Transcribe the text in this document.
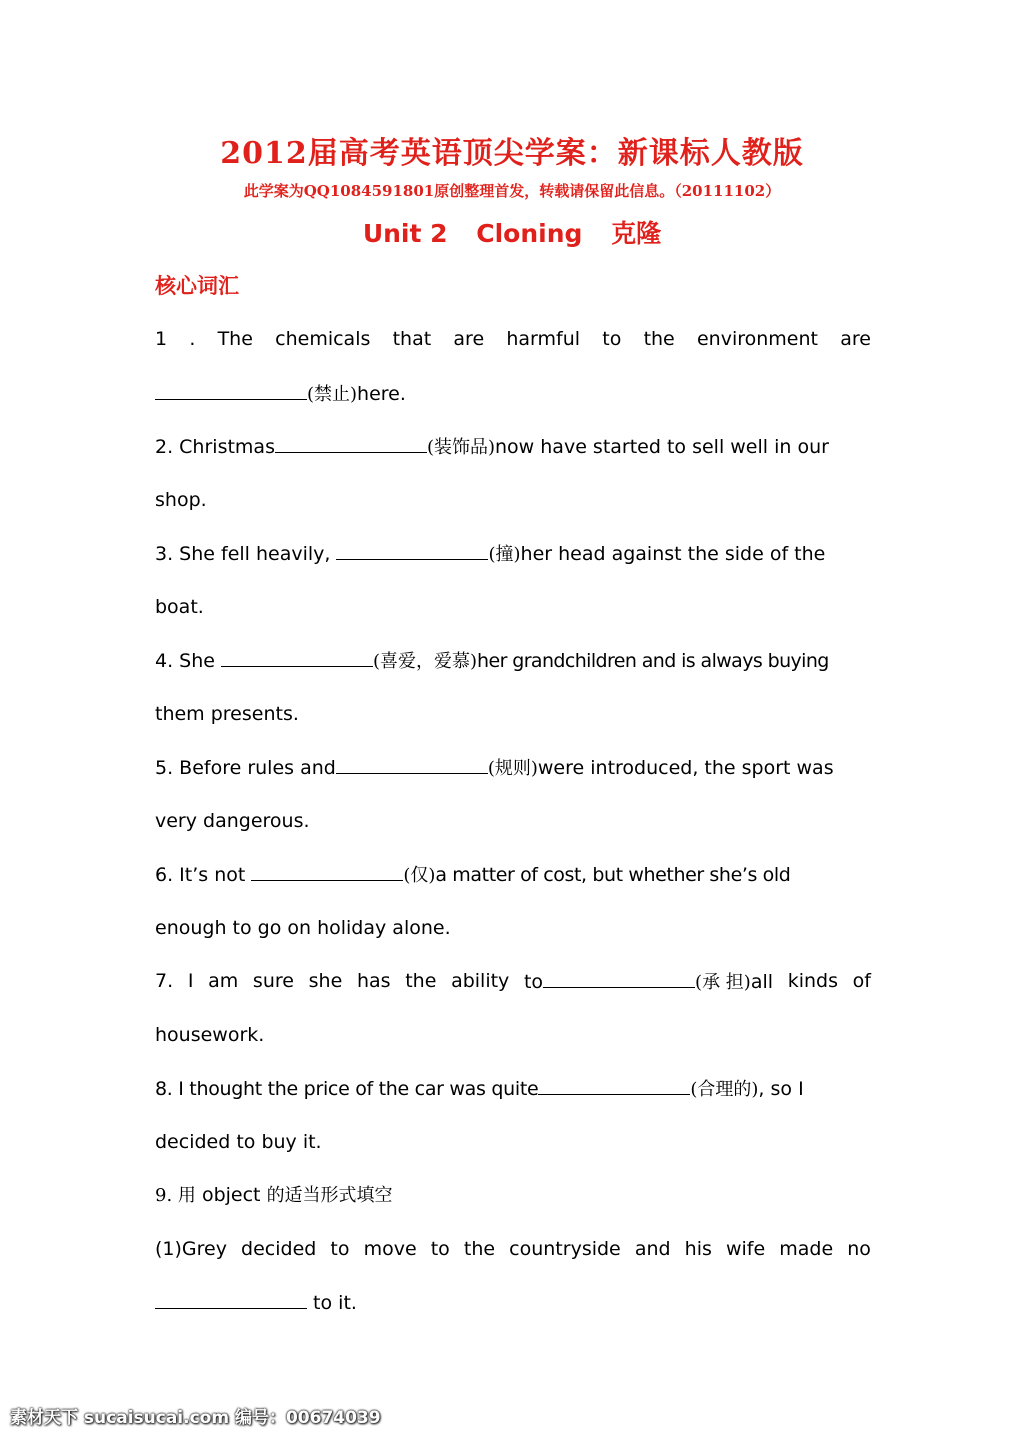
2012届高考英语顶尖学案：新课标人教版
此学案为QQ1084591801原创整理首发，转载请保留此信息。（20111102）
Unit 2 Cloning 克隆
核心词汇
1 . The chemicals that are harmful to the environment are
(禁止)here.
2. Christmas	(装饰品)now have started to sell well in our
shop.
3. She fell heavily,	(撞)her head against the side of the
boat.
4. She	(喜爱，爱慕)her grandchildren and is always buying
them presents.
5. Before rules and	(规则)were introduced, the sport was
very dangerous.
6. It’s not	(仅)a matter of cost, but whether she’s old
enough to go on holiday alone.
7. I am sure she has the ability to	(承 担)all kinds of
housework.
8. I thought the price of the car was quite	(合理的), so I
decided to buy it.
9. 用 object 的适当形式填空
(1)Grey decided to move to the countryside and his wife made no
to it.
素材天下 sucaisucai.com 编号：00674039
